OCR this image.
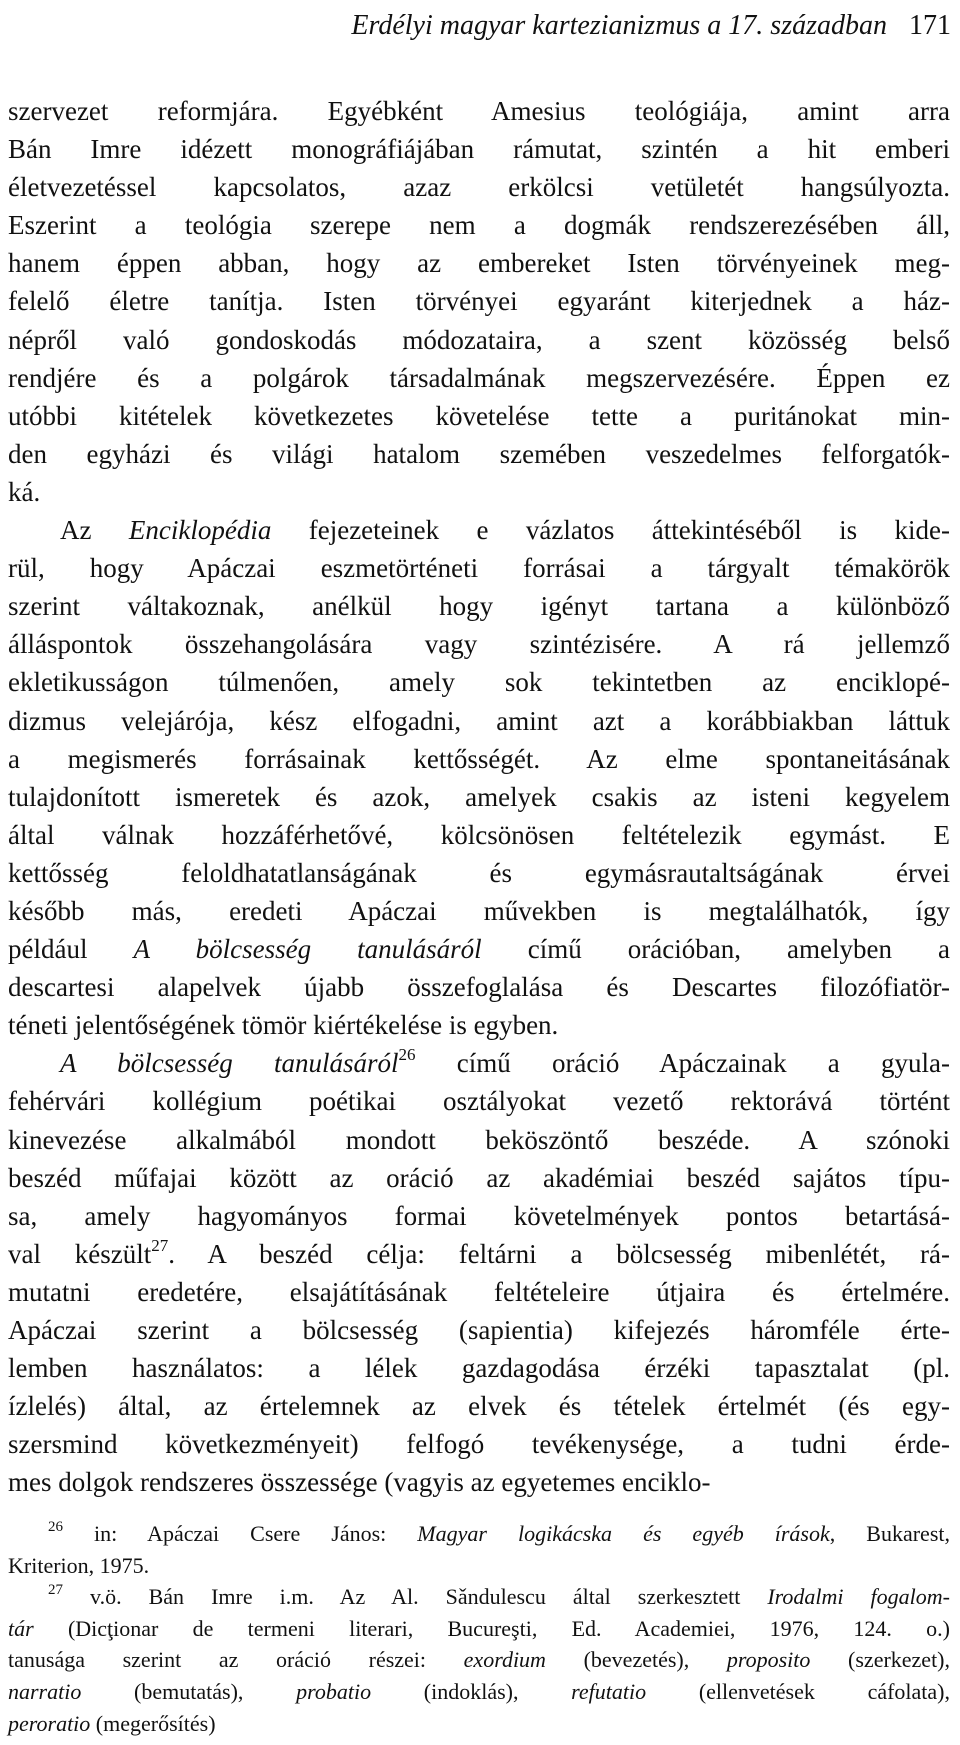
Erdélyi magyar kartezianizmus a 17. században 171
szervezet reformjára. Egyébként Amesius teológiája, amint arra
Bán Imre idézett monográfiájában rámutat, szintén a hit emberi
életvezetéssel kapcsolatos, azaz erkölcsi vetületét hangsúlyozta.
Eszerint a teológia szerepe nem a dogmák rendszerezésében áll,
hanem éppen abban, hogy az embereket Isten törvényeinek meg-
felelő életre tanítja. Isten törvényei egyaránt kiterjednek a ház-
népről való gondoskodás módozataira, a szent közösség belső
rendjére és a polgárok társadalmának megszervezésére. Éppen ez
utóbbi kitételek következetes követelése tette a puritánokat min-
den egyházi és világi hatalom szemében veszedelmes felforgatók-
ká.
Az Enciklopédia fejezeteinek e vázlatos áttekintéséből is kide-
rül, hogy Apáczai eszmetörténeti forrásai a tárgyalt témakörök
szerint váltakoznak, anélkül hogy igényt tartana a különböző
álláspontok összehangolására vagy szintézisére. A rá jellemző
ekletikusságon túlmenően, amely sok tekintetben az enciklopé-
dizmus velejárója, kész elfogadni, amint azt a korábbiakban láttuk
a megismerés forrásainak kettősségét. Az elme spontaneitásának
tulajdonított ismeretek és azok, amelyek csakis az isteni kegyelem
által válnak hozzáférhetővé, kölcsönösen feltételezik egymást. E
kettősség feloldhatatlanságának és egymásrautaltságának érvei
később más, eredeti Apáczai művekben is megtalálhatók, így
például A bölcsesség tanulásáról című orációban, amelyben a
descartesi alapelvek újabb összefoglalása és Descartes filozófiatör-
téneti jelentőségének tömör kiértékelése is egyben.
A bölcsesség tanulásáról$^{26}$ című oráció Apáczainak a gyula-
fehérvári kollégium poétikai osztályokat vezető rektorává történt
kinevezése alkalmából mondott beköszöntő beszéde. A szónoki
beszéd műfajai között az oráció az akadémiai beszéd sajátos típu-
sa, amely hagyományos formai követelmények pontos betartásá-
val készült$^{27}$. A beszéd célja: feltárni a bölcsesség mibenlétét, rá-
mutatni eredetére, elsajátításának feltételeire útjaira és értelmére.
Apáczai szerint a bölcsesség (sapientia) kifejezés háromféle érte-
lemben használatos: a lélek gazdagodása érzéki tapasztalat (pl.
ízlelés) által, az értelemnek az elvek és tételek értelmét (és egy-
szersmind következményeit) felfogó tevékenysége, a tudni érde-
mes dolgok rendszeres összessége (vagyis az egyetemes enciklo-
$^{26}$ in: Apáczai Csere János: Magyar logikácska és egyéb írások, Bukarest,
Kriterion, 1975.
$^{27}$ v.ö. Bán Imre i.m. Az Al. Sǎndulescu által szerkesztett Irodalmi fogalom-
tár (Dicţionar de termeni literari, Bucureşti, Ed. Academiei, 1976, 124. o.)
tanusága szerint az oráció részei: exordium (bevezetés), proposito (szerkezet),
narratio (bemutatás), probatio (indoklás), refutatio (ellenvetések cáfolata),
peroratio (megerősítés)
